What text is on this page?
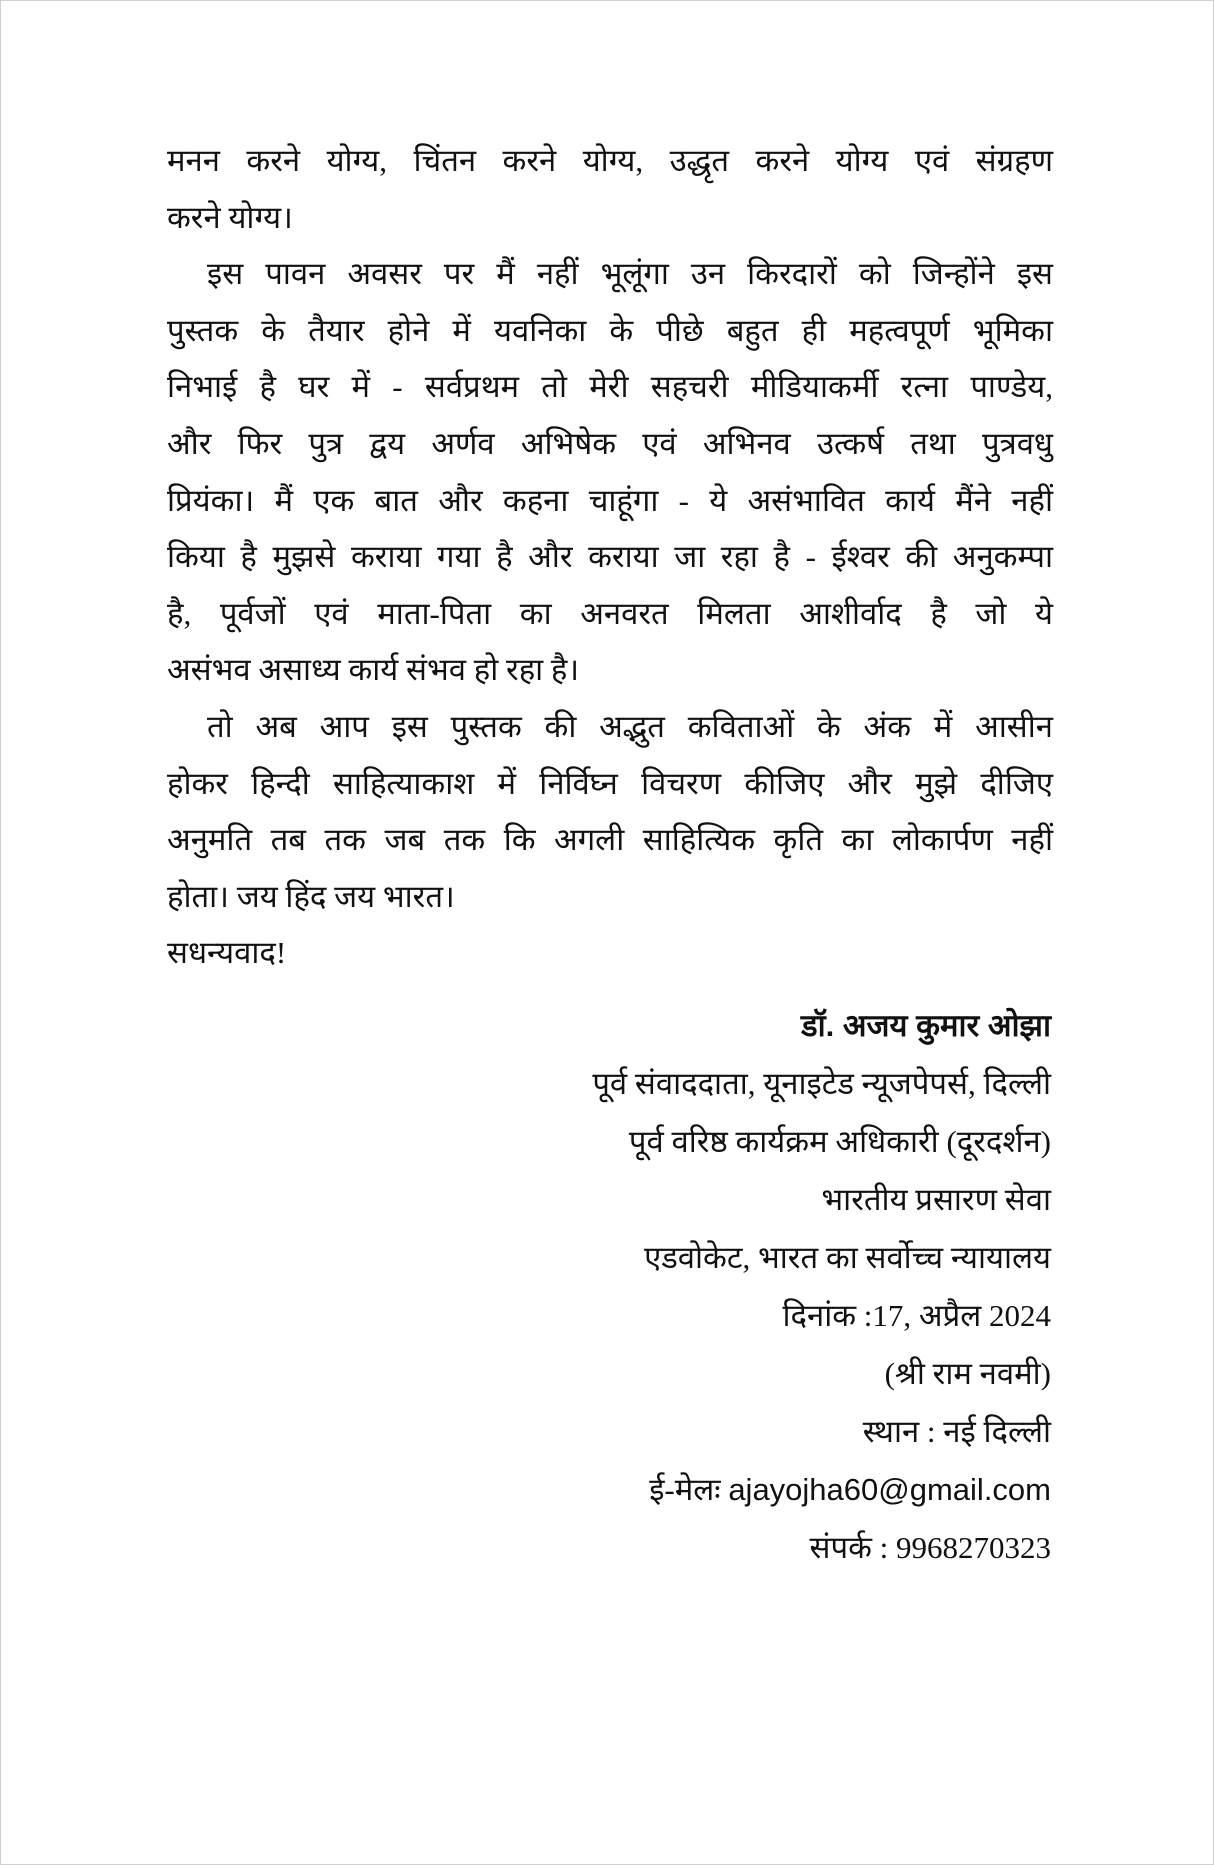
मनन करने योग्य, चिंतन करने योग्य, उद्धृत करने योग्य एवं संग्रहण
करने योग्य।
इस पावन अवसर पर मैं नहीं भूलूंगा उन किरदारों को जिन्होंने इस
पुस्तक के तैयार होने में यवनिका के पीछे बहुत ही महत्वपूर्ण भूमिका
निभाई है घर में - सर्वप्रथम तो मेरी सहचरी मीडियाकर्मी रत्ना पाण्डेय,
और फिर पुत्र द्वय अर्णव अभिषेक एवं अभिनव उत्कर्ष तथा पुत्रवधु
प्रियंका। मैं एक बात और कहना चाहूंगा - ये असंभावित कार्य मैंने नहीं
किया है मुझसे कराया गया है और कराया जा रहा है - ईश्वर की अनुकम्पा
है, पूर्वजों एवं माता-पिता का अनवरत मिलता आशीर्वाद है जो ये
असंभव असाध्य कार्य संभव हो रहा है।
तो अब आप इस पुस्तक की अद्भुत कविताओं के अंक में आसीन
होकर हिन्दी साहित्याकाश में निर्विघ्न विचरण कीजिए और मुझे दीजिए
अनुमति तब तक जब तक कि अगली साहित्यिक कृति का लोकार्पण नहीं
होता। जय हिंद जय भारत।
सधन्यवाद!
डॉ. अजय कुमार ओझा
पूर्व संवाददाता, यूनाइटेड न्यूजपेपर्स, दिल्ली
पूर्व वरिष्ठ कार्यक्रम अधिकारी (दूरदर्शन)
भारतीय प्रसारण सेवा
एडवोकेट, भारत का सर्वोच्च न्यायालय
दिनांक :17, अप्रैल 2024
(श्री राम नवमी)
स्थान : नई दिल्ली
ई-मेलः ajayojha60@gmail.com
संपर्क : 9968270323
